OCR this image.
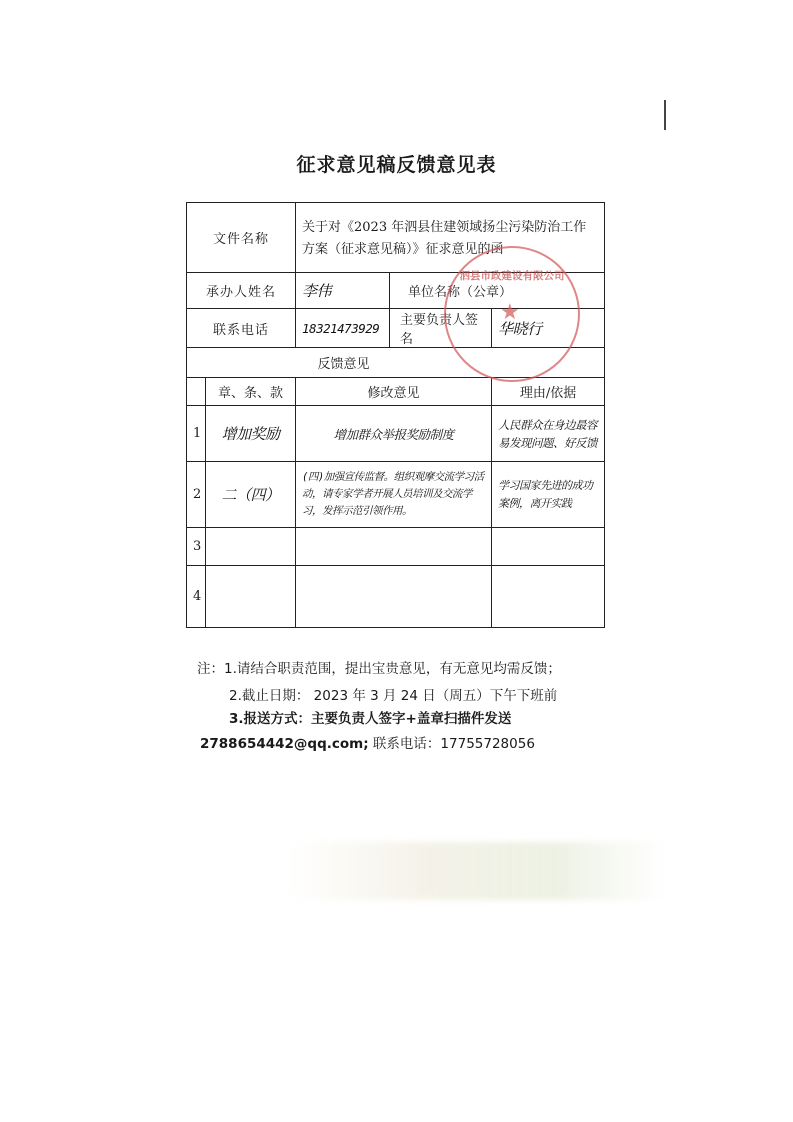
征求意见稿反馈意见表
文件名称		关于对《2023 年泗县住建领域扬尘污染防治工作方案（征求意见稿）》征求意见的函		
承办人姓名		李伟	单位名称（公章）	
联系电话		18321473929	主要负责人签名	华晓行
反馈意见				
	章、条、款	修改意见		理由/依据
1	增加奖励	增加群众举报奖励制度		人民群众在身边最容易发现问题、好反馈
2	二（四）	(四)加强宣传监督。组织观摩交流学习活动，请专家学者开展人员培训及交流学习，发挥示范引领作用。		学习国家先进的成功案例，离开实践
3				
4				
泗县市政建设有限公司
★
注：1.请结合职责范围，提出宝贵意见，有无意见均需反馈；
2.截止日期： 2023 年 3 月 24 日（周五）下午下班前
3.报送方式：主要负责人签字+盖章扫描件发送
2788654442@qq.com; 联系电话：17755728056
